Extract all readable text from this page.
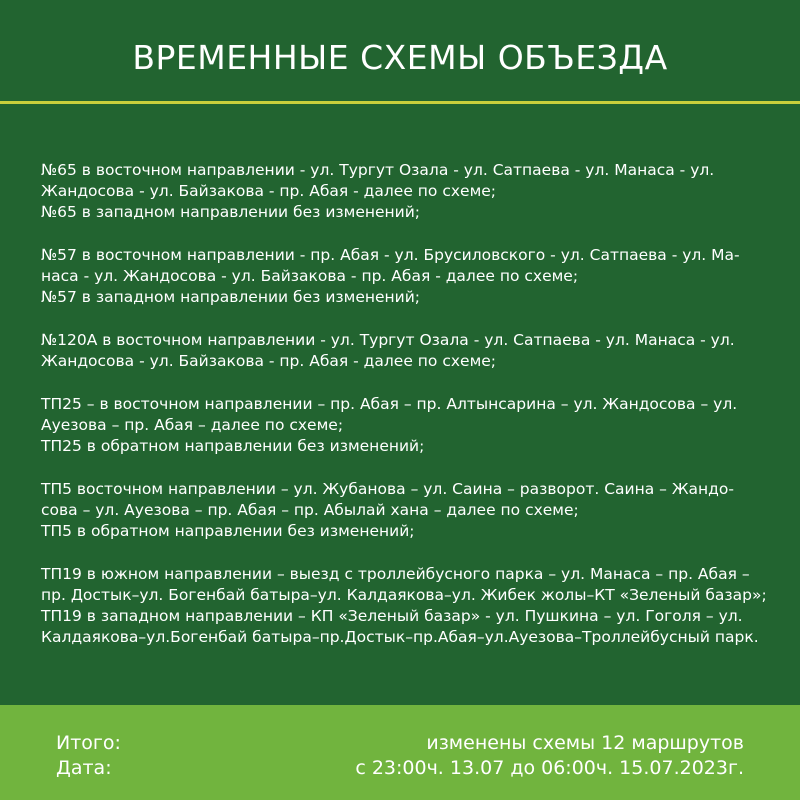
ВРЕМЕННЫЕ СХЕМЫ ОБЪЕЗДА
№65 в восточном направлении - ул. Тургут Озала - ул. Сатпаева - ул. Манаса - ул.
Жандосова - ул. Байзакова - пр. Абая - далее по схеме;
№65 в западном направлении без изменений;
№57 в восточном направлении - пр. Абая - ул. Брусиловского - ул. Сатпаева - ул. Ма-
наса - ул. Жандосова - ул. Байзакова - пр. Абая - далее по схеме;
№57 в западном направлении без изменений;
№120А в восточном направлении - ул. Тургут Озала - ул. Сатпаева - ул. Манаса - ул.
Жандосова - ул. Байзакова - пр. Абая - далее по схеме;
ТП25 – в восточном направлении – пр. Абая – пр. Алтынсарина – ул. Жандосова – ул.
Ауезова – пр. Абая – далее по схеме;
ТП25 в обратном направлении без изменений;
ТП5 восточном направлении – ул. Жубанова – ул. Саина – разворот. Саина – Жандо-
сова – ул. Ауезова – пр. Абая – пр. Абылай хана – далее по схеме;
ТП5 в обратном направлении без изменений;
ТП19 в южном направлении – выезд с троллейбусного парка – ул. Манаса – пр. Абая –
пр. Достык–ул. Богенбай батыра–ул. Калдаякова–ул. Жибек жолы–КТ «Зеленый базар»;
ТП19 в западном направлении – КП «Зеленый базар» - ул. Пушкина – ул. Гоголя – ул.
Калдаякова–ул.Богенбай батыра–пр.Достык–пр.Абая–ул.Ауезова–Троллейбусный парк.
Итого:	изменены схемы 12 маршрутов
Дата:	с 23:00ч. 13.07 до 06:00ч. 15.07.2023г.
